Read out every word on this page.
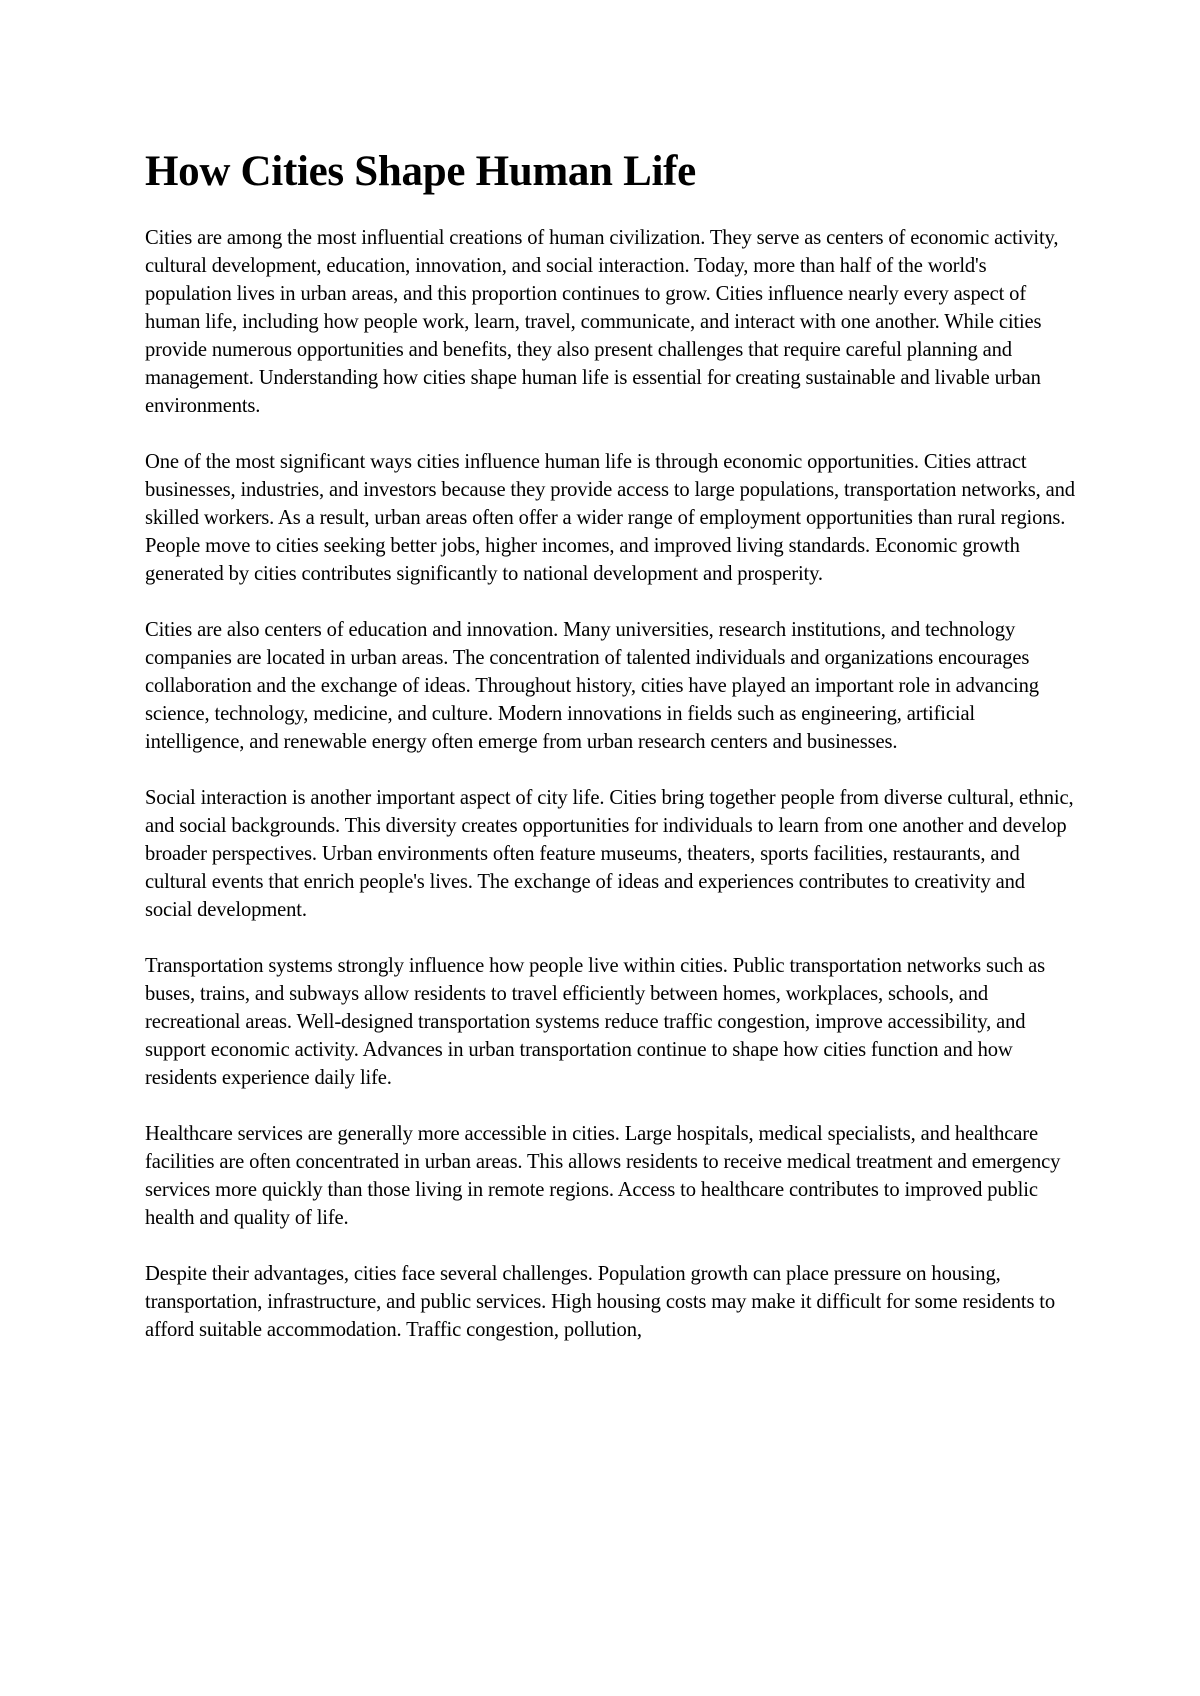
How Cities Shape Human Life

Cities are among the most influential creations of human civilization. They serve as centers of economic activity, cultural development, education, innovation, and social interaction. Today, more than half of the world's population lives in urban areas, and this proportion continues to grow. Cities influence nearly every aspect of human life, including how people work, learn, travel, communicate, and interact with one another. While cities provide numerous opportunities and benefits, they also present challenges that require careful planning and management. Understanding how cities shape human life is essential for creating sustainable and livable urban environments.

One of the most significant ways cities influence human life is through economic opportunities. Cities attract businesses, industries, and investors because they provide access to large populations, transportation networks, and skilled workers. As a result, urban areas often offer a wider range of employment opportunities than rural regions. People move to cities seeking better jobs, higher incomes, and improved living standards. Economic growth generated by cities contributes significantly to national development and prosperity.

Cities are also centers of education and innovation. Many universities, research institutions, and technology companies are located in urban areas. The concentration of talented individuals and organizations encourages collaboration and the exchange of ideas. Throughout history, cities have played an important role in advancing science, technology, medicine, and culture. Modern innovations in fields such as engineering, artificial intelligence, and renewable energy often emerge from urban research centers and businesses.

Social interaction is another important aspect of city life. Cities bring together people from diverse cultural, ethnic, and social backgrounds. This diversity creates opportunities for individuals to learn from one another and develop broader perspectives. Urban environments often feature museums, theaters, sports facilities, restaurants, and cultural events that enrich people's lives. The exchange of ideas and experiences contributes to creativity and social development.

Transportation systems strongly influence how people live within cities. Public transportation networks such as buses, trains, and subways allow residents to travel efficiently between homes, workplaces, schools, and recreational areas. Well-designed transportation systems reduce traffic congestion, improve accessibility, and support economic activity. Advances in urban transportation continue to shape how cities function and how residents experience daily life.

Healthcare services are generally more accessible in cities. Large hospitals, medical specialists, and healthcare facilities are often concentrated in urban areas. This allows residents to receive medical treatment and emergency services more quickly than those living in remote regions. Access to healthcare contributes to improved public health and quality of life.

Despite their advantages, cities face several challenges. Population growth can place pressure on housing, transportation, infrastructure, and public services. High housing costs may make it difficult for some residents to afford suitable accommodation. Traffic congestion, pollution,
